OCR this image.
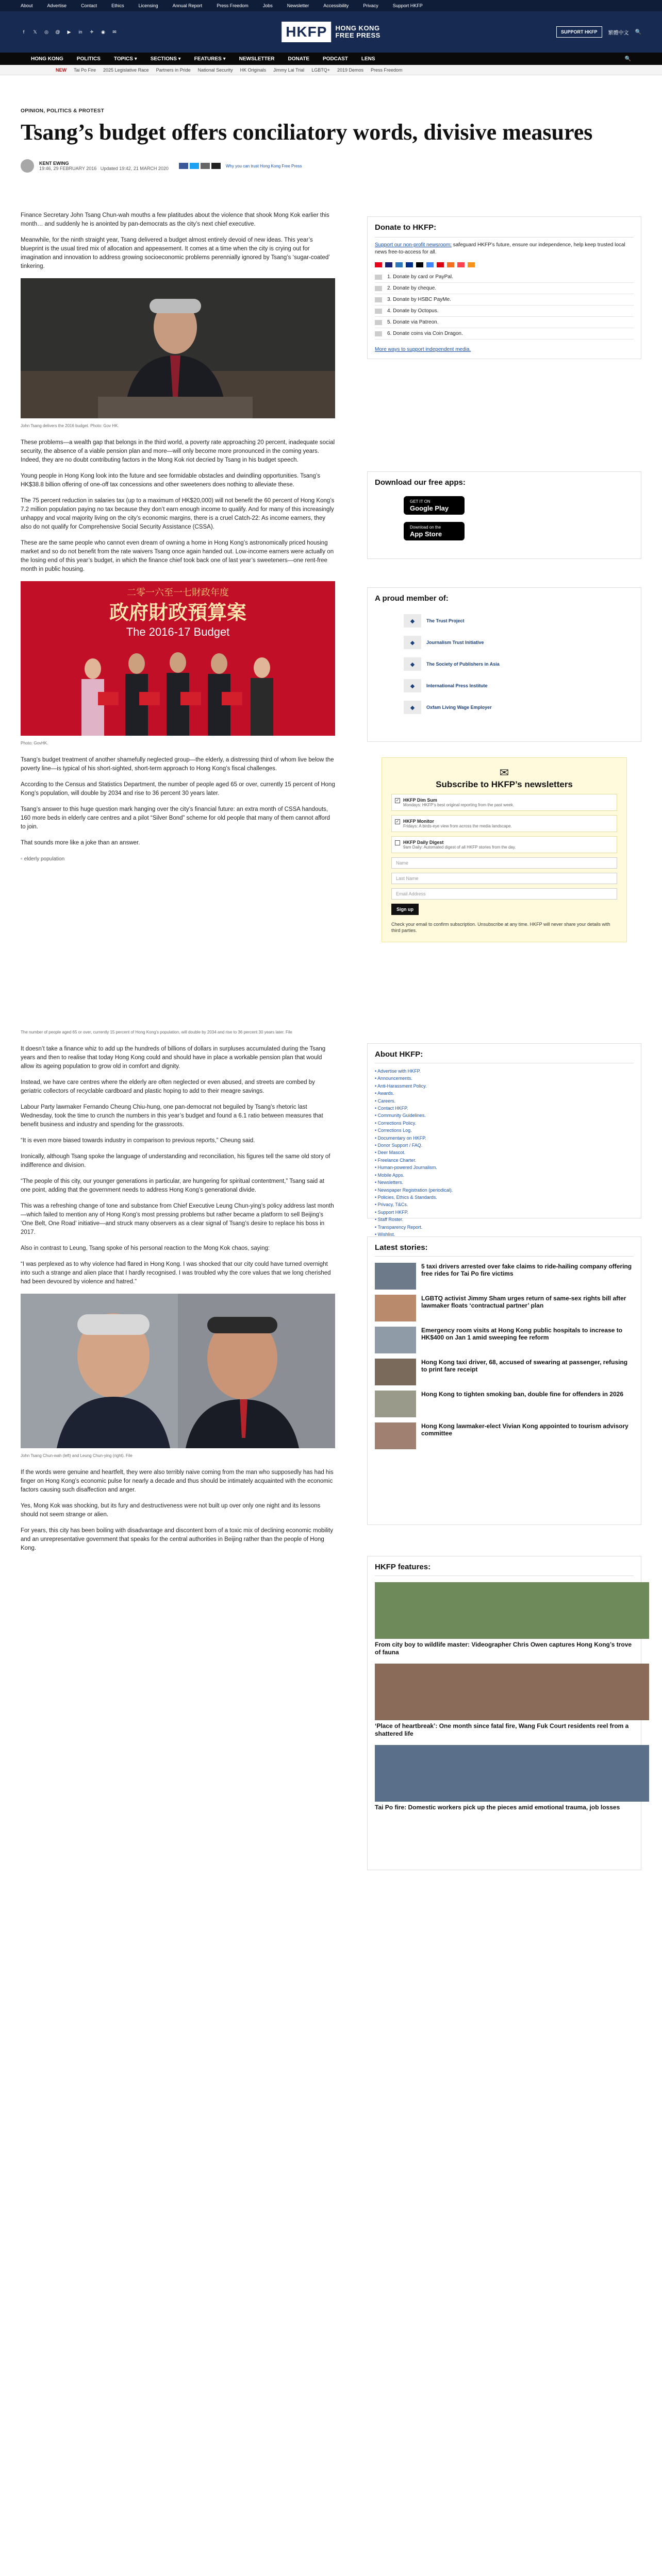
About	Advertise	Contact	Ethics	Licensing	Annual Report	Press Freedom	Jobs	Newsletter	Accessibility	Privacy	Support HKFP
f	𝕏 ◎ @ ▶ in ✈ ◉ ✉	HKFP	HONG KONG
FREE PRESS	SUPPORT HKFP	繁體中文 🔍
HONG KONG	POLITICS	TOPICS ▾	SECTIONS ▾	FEATURES ▾	NEWSLETTER	DONATE	PODCAST	LENS	🔍
NEW Tai Po Fire 2025 Legislative Race Partners in Pride National Security HK Originals Jimmy Lai Trial LGBTQ+ 2019 Demos Press Freedom
OPINION, POLITICS & PROTEST
Tsang’s budget offers conciliatory words, divisive measures
KENT EWING
19:46, 29 FEBRUARY 2016 Updated 19:42, 21 MARCH 2020	Why you can trust Hong Kong Free Press

Finance Secretary John Tsang Chun-wah mouths a few platitudes about the violence that shook Mong Kok earlier this month… and suddenly he is anointed by pan-democrats as the city’s next chief executive.

Meanwhile, for the ninth straight year, Tsang delivered a budget almost entirely devoid of new ideas. This year’s blueprint is the usual tired mix of allocation and appeasement. It comes at a time when the city is crying out for imagination and innovation to address growing socioeconomic problems perennially ignored by Tsang’s ‘sugar-coated’ tinkering.

John Tsang delivers the 2016 budget. Photo: Gov HK.

These problems—a wealth gap that belongs in the third world, a poverty rate approaching 20 percent, inadequate social security, the absence of a viable pension plan and more—will only become more pronounced in the coming years. Indeed, they are no doubt contributing factors in the Mong Kok riot decried by Tsang in his budget speech.

Young people in Hong Kong look into the future and see formidable obstacles and dwindling opportunities. Tsang’s HK$38.8 billion offering of one-off tax concessions and other sweeteners does nothing to alleviate these.

The 75 percent reduction in salaries tax (up to a maximum of HK$20,000) will not benefit the 60 percent of Hong Kong’s 7.2 million population paying no tax because they don’t earn enough income to qualify. And for many of this increasingly unhappy and vocal majority living on the city’s economic margins, there is a cruel Catch-22: As income earners, they also do not qualify for Comprehensive Social Security Assistance (CSSA).

These are the same people who cannot even dream of owning a home in Hong Kong’s astronomically priced housing market and so do not benefit from the rate waivers Tsang once again handed out. Low-income earners were actually on the losing end of this year’s budget, in which the finance chief took back one of last year’s sweeteners—one rent-free month in public housing.

二零一六至一七財政年度
政府財政預算案
The 2016-17 Budget
Photo: GovHK.

Tsang’s budget treatment of another shamefully neglected group—the elderly, a distressing third of whom live below the poverty line—is typical of his short-sighted, short-term approach to Hong Kong’s fiscal challenges.

According to the Census and Statistics Department, the number of people aged 65 or over, currently 15 percent of Hong Kong’s population, will double by 2034 and rise to 36 percent 30 years later.

Tsang’s answer to this huge question mark hanging over the city’s financial future: an extra month of CSSA handouts, 160 more beds in elderly care centres and a pilot “Silver Bond” scheme for old people that many of them cannot afford to join.

That sounds more like a joke than an answer.

▫ elderly population
The number of people aged 65 or over, currently 15 percent of Hong Kong’s population, will double by 2034 and rise to 36 percent 30 years later. File

It doesn’t take a finance whiz to add up the hundreds of billions of dollars in surpluses accumulated during the Tsang years and then to realise that today Hong Kong could and should have in place a workable pension plan that would allow its ageing population to grow old in comfort and dignity.

Instead, we have care centres where the elderly are often neglected or even abused, and streets are combed by geriatric collectors of recyclable cardboard and plastic hoping to add to their meagre savings.

Labour Party lawmaker Fernando Cheung Chiu-hung, one pan-democrat not beguiled by Tsang’s rhetoric last Wednesday, took the time to crunch the numbers in this year’s budget and found a 6.1 ratio between measures that benefit business and industry and spending for the grassroots.

“It is even more biased towards industry in comparison to previous reports,” Cheung said.

Ironically, although Tsang spoke the language of understanding and reconciliation, his figures tell the same old story of indifference and division.

“The people of this city, our younger generations in particular, are hungering for spiritual contentment,” Tsang said at one point, adding that the government needs to address Hong Kong’s generational divide.

This was a refreshing change of tone and substance from Chief Executive Leung Chun-ying’s policy address last month—which failed to mention any of Hong Kong’s most pressing problems but rather became a platform to sell Beijing’s ‘One Belt, One Road’ initiative—and struck many observers as a clear signal of Tsang’s desire to replace his boss in 2017.

Also in contrast to Leung, Tsang spoke of his personal reaction to the Mong Kok chaos, saying:

“I was perplexed as to why violence had flared in Hong Kong. I was shocked that our city could have turned overnight into such a strange and alien place that I hardly recognised. I was troubled why the core values that we long cherished had been devoured by violence and hatred.”

John Tsang Chun-wah (left) and Leung Chun-ying (right). File

If the words were genuine and heartfelt, they were also terribly naive coming from the man who supposedly has had his finger on Hong Kong’s economic pulse for nearly a decade and thus should be intimately acquainted with the economic factors causing such disaffection and anger.

Yes, Mong Kok was shocking, but its fury and destructiveness were not built up over only one night and its lessons should not seem strange or alien.

For years, this city has been boiling with disadvantage and discontent born of a toxic mix of declining economic mobility and an unrepresentative government that speaks for the central authorities in Beijing rather than the people of Hong Kong.

Donate to HKFP:
Support our non-profit newsroom: safeguard HKFP’s future, ensure our independence, help keep trusted local news free-to-access for all.
1. Donate by card or PayPal.
2. Donate by cheque.
3. Donate by HSBC PayMe.
4. Donate by Octopus.
5. Donate via Patreon.
6. Donate coins via Coin Dragon.
More ways to support independent media.
Download our free apps:
GET IT ON
Google Play
Download on the
App Store
A proud member of:
◆	The Trust Project
◆	Journalism Trust Initiative
◆	The Society of Publishers in Asia
◆	International Press Institute
◆	Oxfam Living Wage Employer
✉
Subscribe to HKFP’s newsletters
✓ HKFP Dim Sum
Mondays: HKFP’s best original reporting from the past week.
✓ HKFP Monitor
Fridays: A birds-eye view from across the media landscape.
HKFP Daily Digest
9am Daily: Automated digest of all HKFP stories from the day.
Name
Last Name
Email Address
Sign up
Check your email to confirm subscription. Unsubscribe at any time. HKFP will never share your details with third parties.
About HKFP:
• Advertise with HKFP.
• Announcements.
• Anti-Harassment Policy.
• Awards.
• Careers.
• Contact HKFP.
• Community Guidelines.
• Corrections Policy.
• Corrections Log.
• Documentary on HKFP.
• Donor Support / FAQ.
• Deer Mascot.
• Freelance Charter.
• Human-powered Journalism.
• Mobile Apps.
• Newsletters.
• Newspaper Registration (periodical).
• Policies, Ethics & Standards.
• Privacy, T&Cs.
• Support HKFP.
• Staff Roster.
• Transparency Report.
• Wishlist.
Latest stories:
5 taxi drivers arrested over fake claims to ride-hailing company offering free rides for Tai Po fire victims
LGBTQ activist Jimmy Sham urges return of same-sex rights bill after lawmaker floats ‘contractual partner’ plan
Emergency room visits at Hong Kong public hospitals to increase to HK$400 on Jan 1 amid sweeping fee reform
Hong Kong taxi driver, 68, accused of swearing at passenger, refusing to print fare receipt
Hong Kong to tighten smoking ban, double fine for offenders in 2026
Hong Kong lawmaker-elect Vivian Kong appointed to tourism advisory committee
HKFP features:
From city boy to wildlife master: Videographer Chris Owen captures Hong Kong’s trove of fauna
‘Place of heartbreak’: One month since fatal fire, Wang Fuk Court residents reel from a shattered life
Tai Po fire: Domestic workers pick up the pieces amid emotional trauma, job losses
